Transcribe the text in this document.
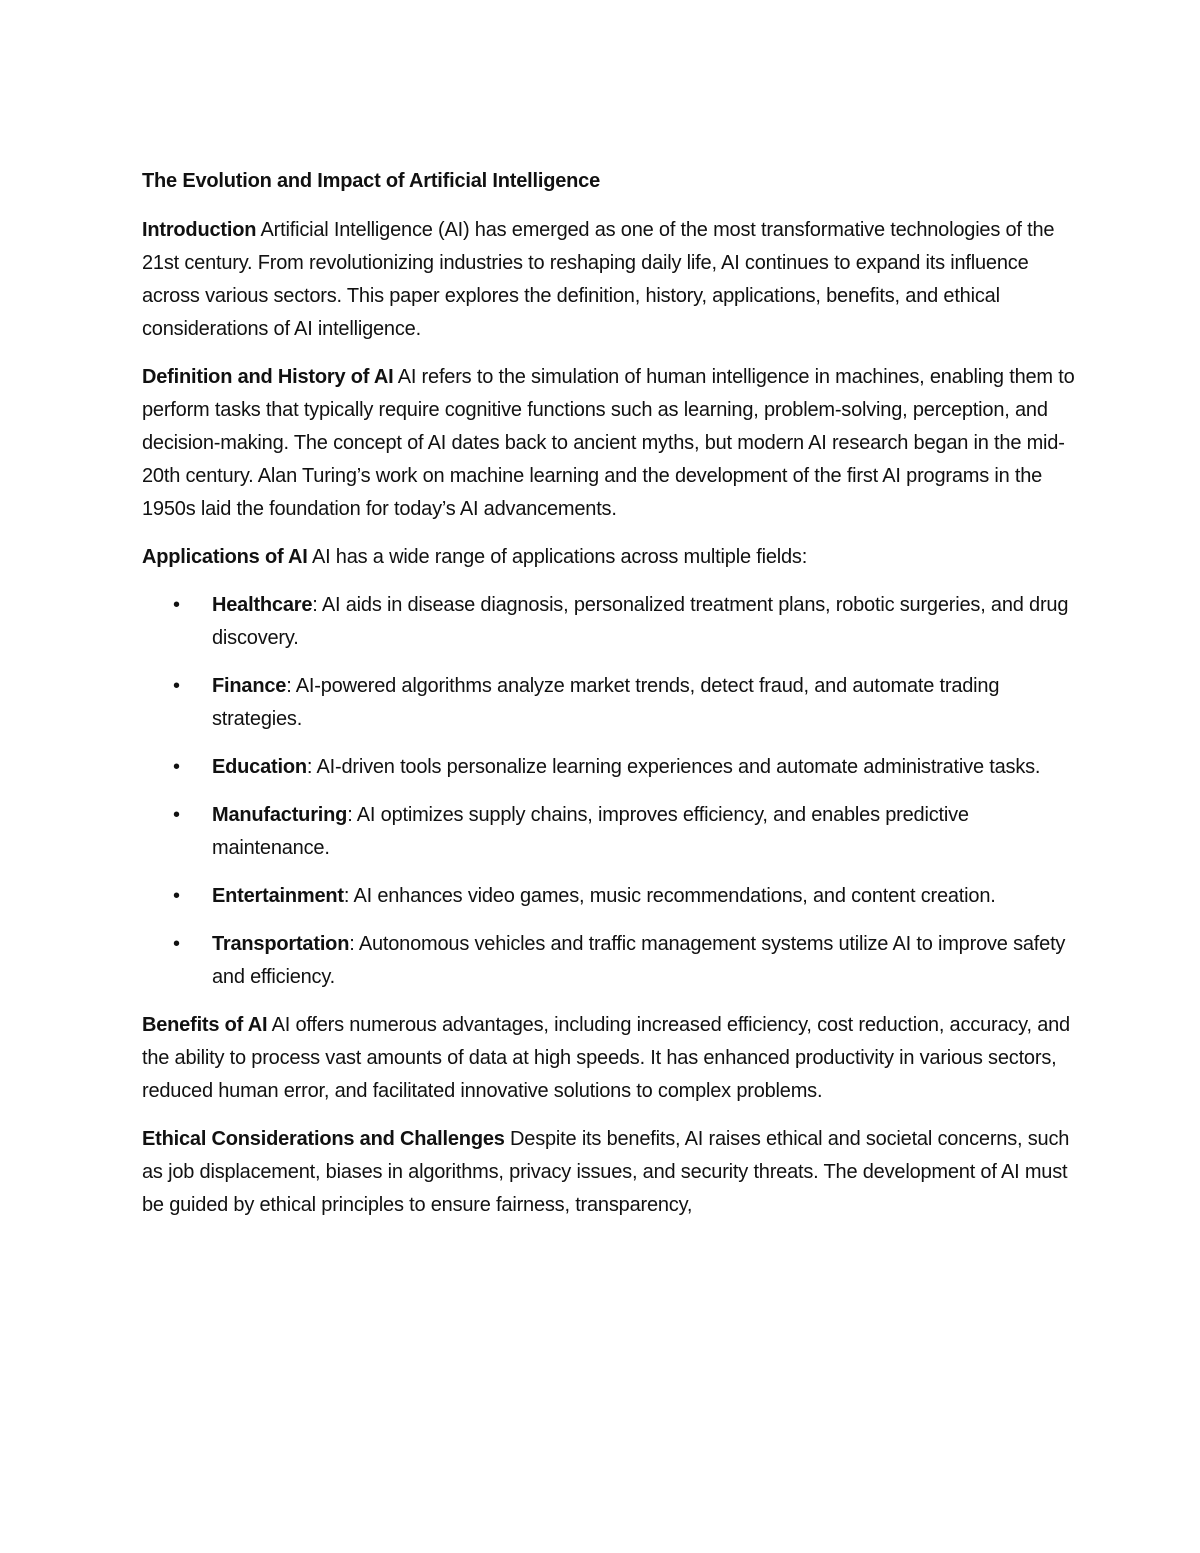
The Evolution and Impact of Artificial Intelligence

Introduction Artificial Intelligence (AI) has emerged as one of the most transformative technologies of the 21st century. From revolutionizing industries to reshaping daily life, AI continues to expand its influence across various sectors. This paper explores the definition, history, applications, benefits, and ethical considerations of AI intelligence.

Definition and History of AI AI refers to the simulation of human intelligence in machines, enabling them to perform tasks that typically require cognitive functions such as learning, problem-solving, perception, and decision-making. The concept of AI dates back to ancient myths, but modern AI research began in the mid-20th century. Alan Turing’s work on machine learning and the development of the first AI programs in the 1950s laid the foundation for today’s AI advancements.

Applications of AI AI has a wide range of applications across multiple fields:

• Healthcare: AI aids in disease diagnosis, personalized treatment plans, robotic surgeries, and drug discovery.
• Finance: AI-powered algorithms analyze market trends, detect fraud, and automate trading strategies.
• Education: AI-driven tools personalize learning experiences and automate administrative tasks.
• Manufacturing: AI optimizes supply chains, improves efficiency, and enables predictive maintenance.
• Entertainment: AI enhances video games, music recommendations, and content creation.
• Transportation: Autonomous vehicles and traffic management systems utilize AI to improve safety and efficiency.

Benefits of AI AI offers numerous advantages, including increased efficiency, cost reduction, accuracy, and the ability to process vast amounts of data at high speeds. It has enhanced productivity in various sectors, reduced human error, and facilitated innovative solutions to complex problems.

Ethical Considerations and Challenges Despite its benefits, AI raises ethical and societal concerns, such as job displacement, biases in algorithms, privacy issues, and security threats. The development of AI must be guided by ethical principles to ensure fairness, transparency,
